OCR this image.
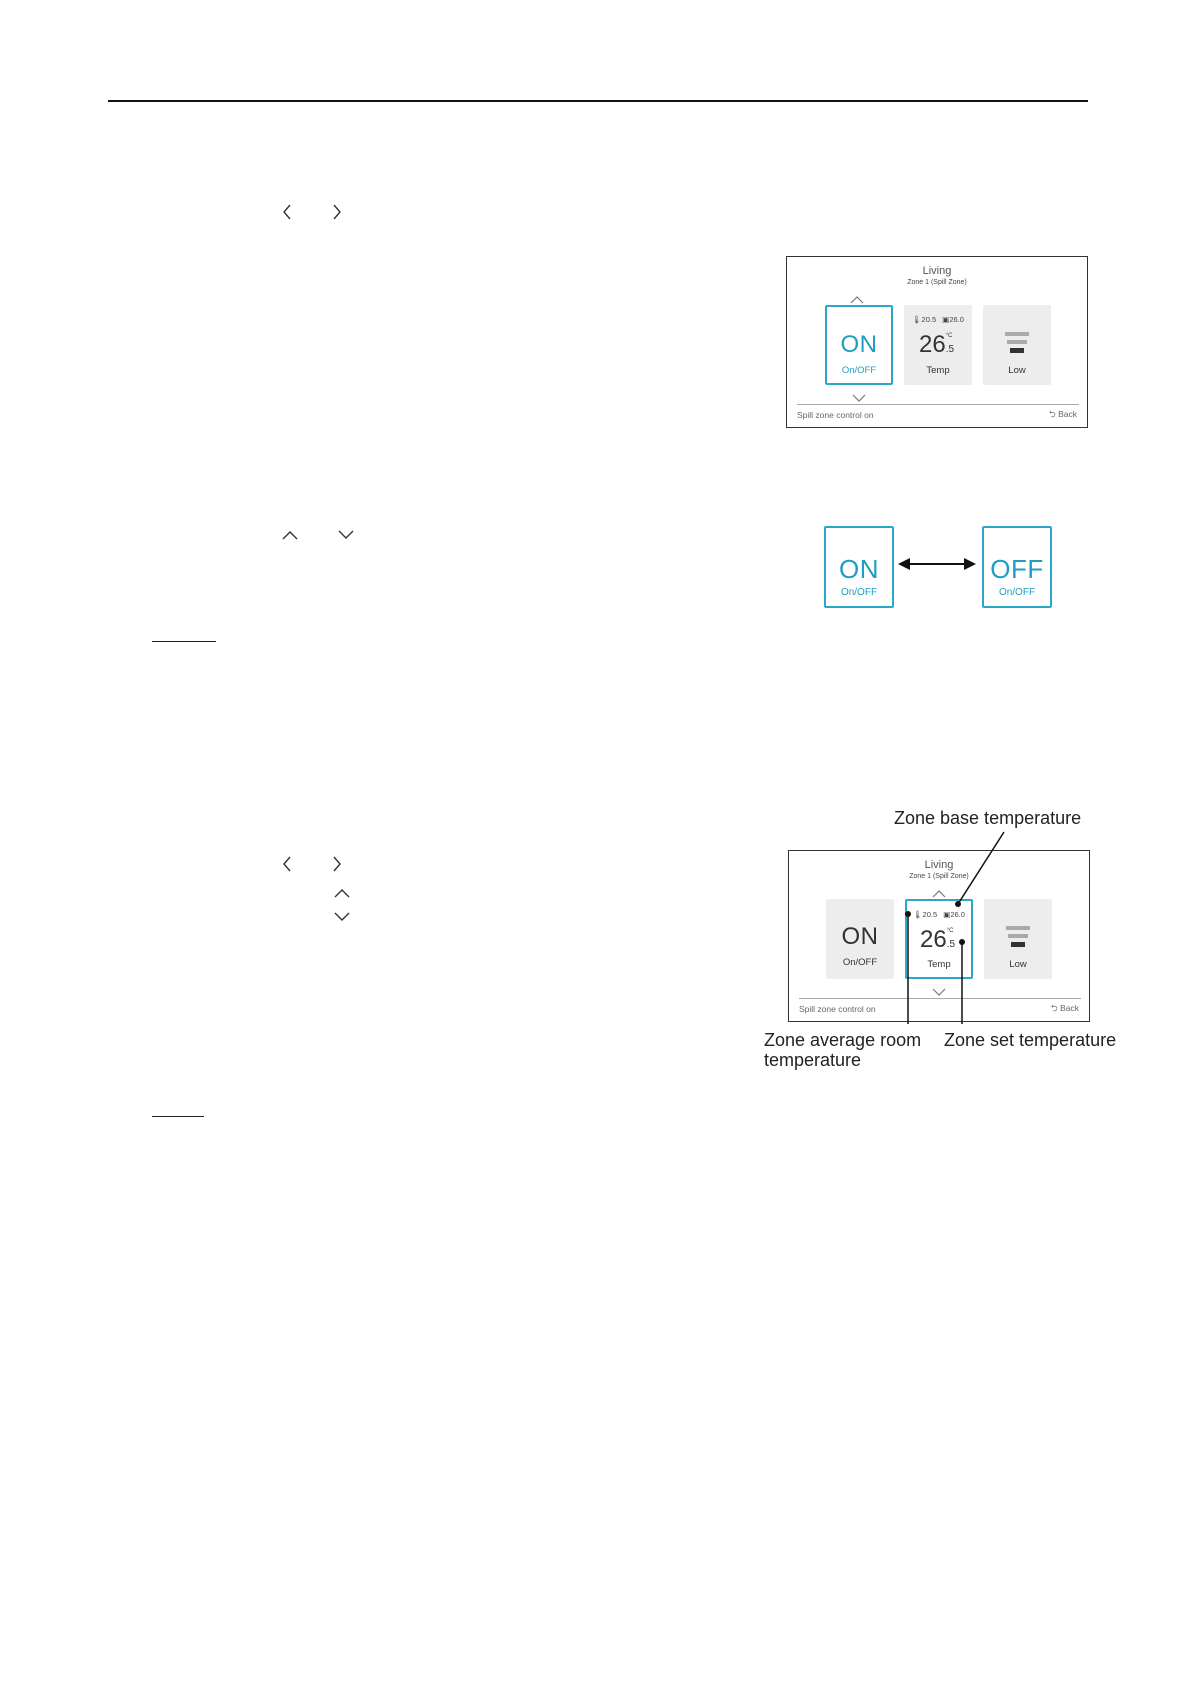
Living
Zone 1 (Spill Zone)
ON
On/OFF
🌡20.5 ▣26.0
26 °C
.5
Temp	Low
Spill zone control on	⮌ Back
ON
On/OFF
OFF
On/OFF
Zone base temperature
Living
Zone 1 (Spill Zone)
ON
On/OFF
🌡20.5 ▣26.0
26 °C
.5
Temp	Low
Spill zone control on	⮌ Back
Zone average room temperature
Zone set temperature
